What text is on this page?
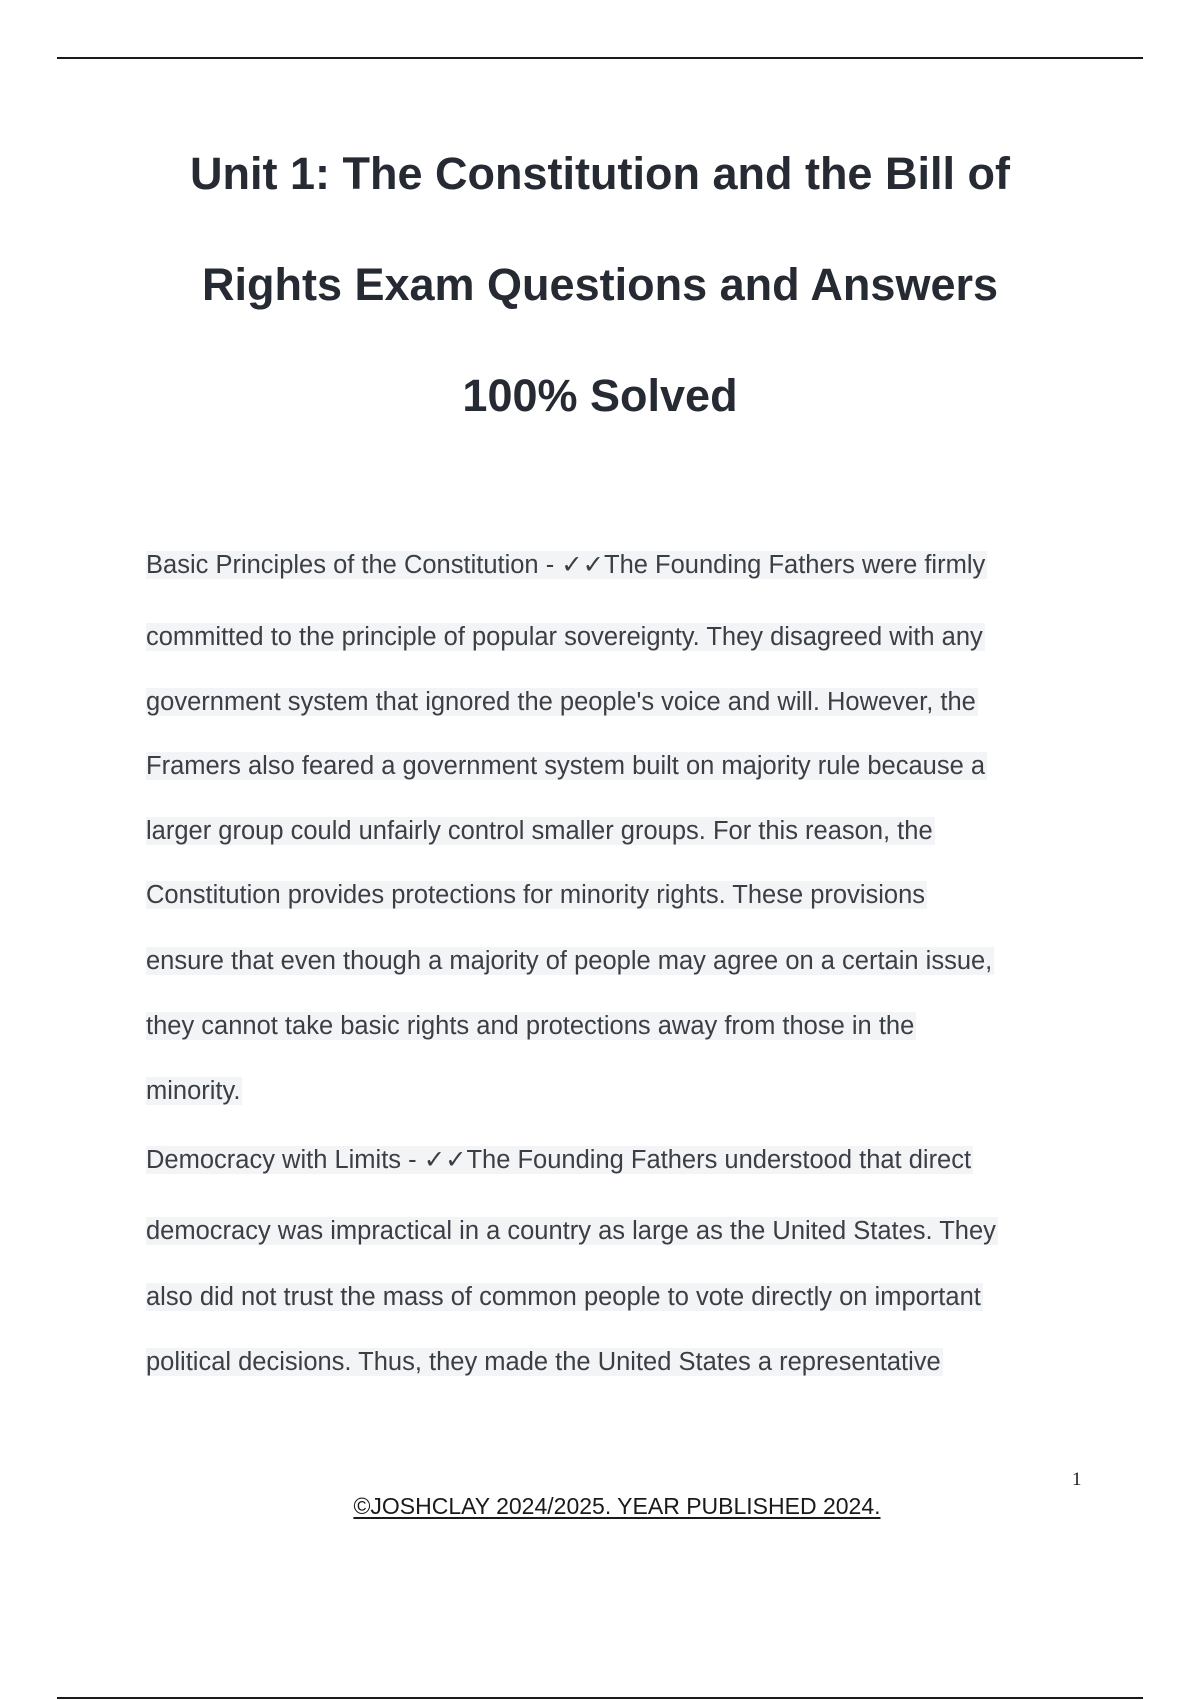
Unit 1: The Constitution and the Bill of
Rights Exam Questions and Answers
100% Solved
Basic Principles of the Constitution - ✓✓The Founding Fathers were firmly
committed to the principle of popular sovereignty. They disagreed with any
government system that ignored the people's voice and will. However, the
Framers also feared a government system built on majority rule because a
larger group could unfairly control smaller groups. For this reason, the
Constitution provides protections for minority rights. These provisions
ensure that even though a majority of people may agree on a certain issue,
they cannot take basic rights and protections away from those in the
minority.
Democracy with Limits - ✓✓The Founding Fathers understood that direct
democracy was impractical in a country as large as the United States. They
also did not trust the mass of common people to vote directly on important
political decisions. Thus, they made the United States a representative
1
©JOSHCLAY 2024/2025. YEAR PUBLISHED 2024.
